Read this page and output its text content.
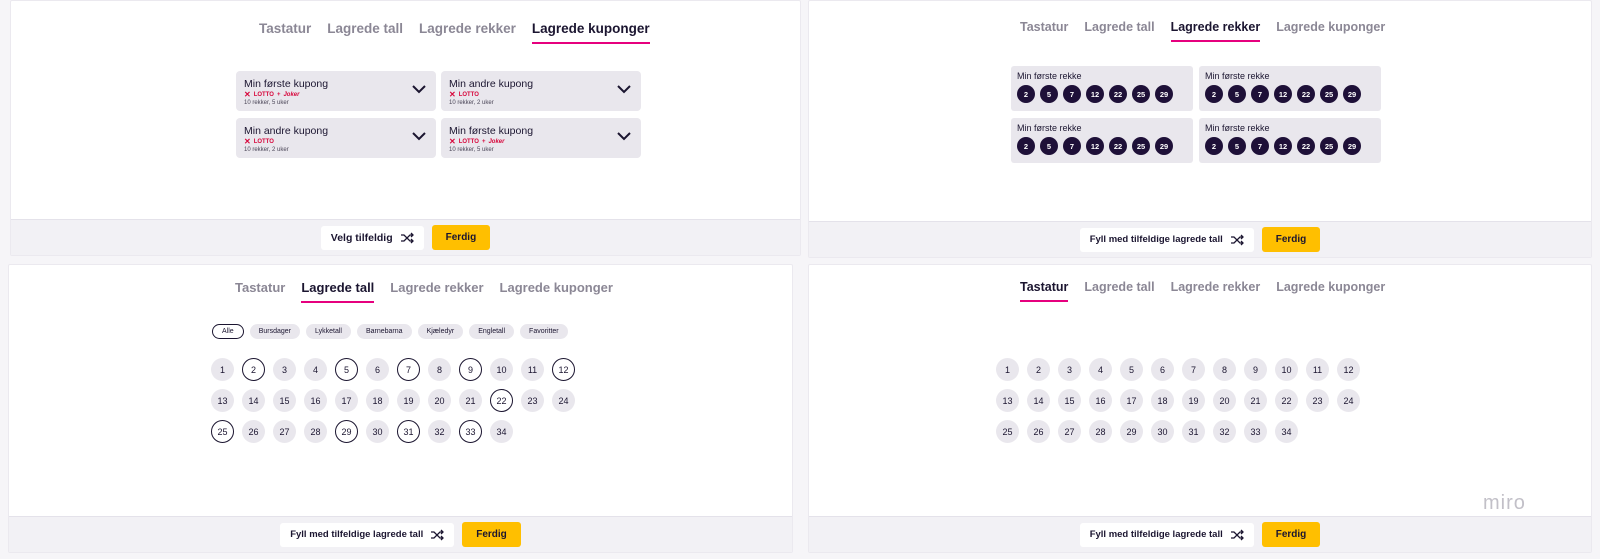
Tastatur Lagrede tall Lagrede rekker Lagrede kuponger
Min første kupong
✕ LOTTO + Joker
10 rekker, 5 uker
Min andre kupong
✕ LOTTO
10 rekker, 2 uker
Min andre kupong
✕ LOTTO
10 rekker, 2 uker
Min første kupong
✕ LOTTO + Joker
10 rekker, 5 uker
Velg tilfeldig	Ferdig
Tastatur Lagrede tall Lagrede rekker Lagrede kuponger
Min første rekke
2	5	7	12	22	25	29
Min første rekke
2	5	7	12	22	25	29
Min første rekke
2	5	7	12	22	25	29
Min første rekke
2	5	7	12	22	25	29
Fyll med tilfeldige lagrede tall	Ferdig
Tastatur Lagrede tall Lagrede rekker Lagrede kuponger
Alle	Bursdager	Lykketall	Barnebarna	Kjæledyr	Engletall	Favoritter
1	2	3	4	5	6	7	8	9	10	11	12
13	14	15	16	17	18	19	20	21	22	23	24
25	26	27	28	29	30	31	32	33	34
Fyll med tilfeldige lagrede tall	Ferdig
Tastatur Lagrede tall Lagrede rekker Lagrede kuponger
1	2	3	4	5	6	7	8	9	10	11	12
13	14	15	16	17	18	19	20	21	22	23	24
25	26	27	28	29	30	31	32	33	34
Fyll med tilfeldige lagrede tall	Ferdig
miro
